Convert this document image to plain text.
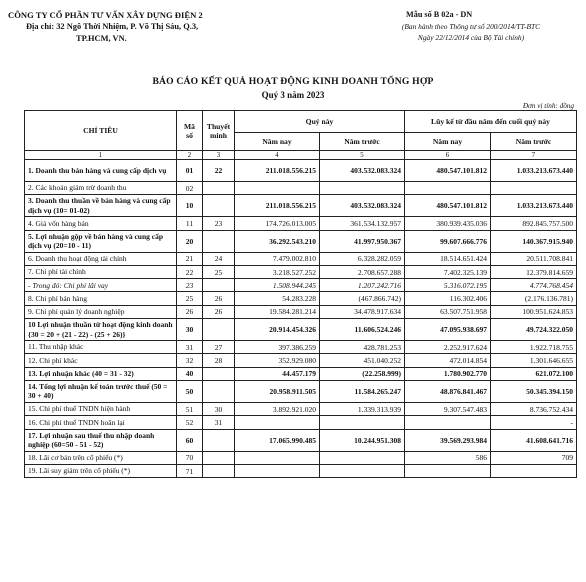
CÔNG TY CỔ PHẦN TƯ VẤN XÂY DỰNG ĐIỆN 2
Địa chỉ: 32 Ngô Thời Nhiệm, P. Võ Thị Sáu, Q.3,
TP.HCM, VN.
Mẫu số B 02a - DN
(Ban hành theo Thông tư số 200/2014/TT-BTC
Ngày 22/12/2014 của Bộ Tài chính)
BÁO CÁO KẾT QUẢ HOẠT ĐỘNG KINH DOANH TỔNG HỢP
Quý 3 năm 2023
Đơn vị tính: đồng
CHỈ TIÊU	Mã số	Thuyết minh	Quý này		Lũy kế từ đầu năm đến cuối quý này	
			Năm nay	Năm trước	Năm nay	Năm trước
1	2	3	4	5	6	7
1. Doanh thu bán hàng và cung cấp dịch vụ	01	22	211.018.556.215	403.532.083.324	480.547.101.812	1.033.213.673.440
2. Các khoản giảm trừ doanh thu	02					
3. Doanh thu thuần về bán hàng và cung cấp dịch vụ (10= 01-02)	10		211.018.556.215	403.532.083.324	480.547.101.812	1.033.213.673.440
4. Giá vốn hàng bán	11	23	174.726.013.005	361.534.132.957	380.939.435.036	892.845.757.500
5. Lợi nhuận gộp về bán hàng và cung cấp dịch vụ (20=10 - 11)	20		36.292.543.210	41.997.950.367	99.607.666.776	140.367.915.940
6. Doanh thu hoạt động tài chính	21	24	7.479.002.810	6.328.282.059	18.514.651.424	20.511.708.841
7. Chi phí tài chính	22	25	3.218.527.252	2.708.657.288	7.402.325.139	12.379.814.659
- Trong đó: Chi phí lãi vay	23		1.508.944.245	1.207.242.716	5.316.072.195	4.774.768.454
8. Chi phí bán hàng	25	26	54.283.228	(467.866.742)	116.302.406	(2.176.136.781)
9. Chi phí quản lý doanh nghiệp	26	26	19.584.281.214	34.478.917.634	63.507.751.958	100.951.624.853
10 Lợi nhuận thuần từ hoạt động kinh doanh {30 = 20 + (21 - 22) - (25 + 26)}	30		20.914.454.326	11.606.524.246	47.095.938.697	49.724.322.050
11. Thu nhập khác	31	27	397.386.259	428.781.253	2.252.917.624	1.922.718.755
12. Chi phí khác	32	28	352.929.080	451.040.252	472.014.854	1.301.646.655
13. Lợi nhuận khác (40 = 31 - 32)	40		44.457.179	(22.258.999)	1.780.902.770	621.072.100
14. Tổng lợi nhuận kế toán trước thuế (50 = 30 + 40)	50		20.958.911.505	11.584.265.247	48.876.841.467	50.345.394.150
15. Chi phí thuế TNDN hiện hành	51	30	3.892.921.020	1.339.313.939	9.307.547.483	8.736.752.434
16. Chi phí thuế TNDN hoãn lại	52	31				-
17. Lợi nhuận sau thuế thu nhập doanh nghiệp (60=50 - 51 - 52)	60		17.065.990.485	10.244.951.308	39.569.293.984	41.608.641.716
18. Lãi cơ bản trên cổ phiếu (*)	70				586	709
19. Lãi suy giảm trên cổ phiếu (*)	71					
